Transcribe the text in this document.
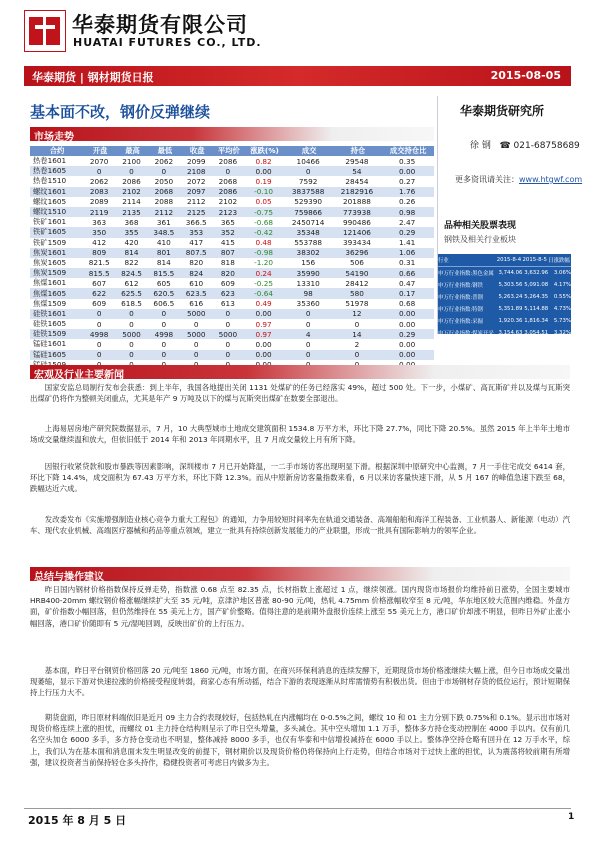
华泰期货有限公司
HUATAI FUTURES CO., LTD.
华泰期货 | 钢材期货日报	2015-08-05
基本面不改，钢价反弹继续	华泰期货研究所
市场走势
合约	开盘	最高	最低	收盘	平均价	涨跌(%)	成交	持仓	成交持仓比
热卷1601	2070	2100	2062	2099	2086	0.82	10466	29548	0.35
热卷1605	0	0	0	2108	0	0.00	0	54	0.00
热卷1510	2062	2086	2050	2072	2068	0.19	7592	28454	0.27
螺纹1601	2083	2102	2068	2097	2086	-0.10	3837588	2182916	1.76
螺纹1605	2089	2114	2088	2112	2102	0.05	529390	201888	0.26
螺纹1510	2119	2135	2112	2125	2123	-0.75	759866	773938	0.98
铁矿1601	363	368	361	366.5	365	-0.68	2450714	990486	2.47
铁矿1605	350	355	348.5	353	352	-0.42	35348	121406	0.29
铁矿1509	412	420	410	417	415	0.48	553788	393434	1.41
焦炭1601	809	814	801	807.5	807	-0.98	38302	36296	1.06
焦炭1605	821.5	822	814	820	818	-1.20	156	506	0.31
焦炭1509	815.5	824.5	815.5	824	820	0.24	35990	54190	0.66
焦煤1601	607	612	605	610	609	-0.25	13310	28412	0.47
焦煤1605	622	625.5	620.5	623.5	623	-0.64	98	580	0.17
焦煤1509	609	618.5	606.5	616	613	0.49	35360	51978	0.68
硅铁1601	0	0	0	5000	0	0.00	0	12	0.00
硅铁1605	0	0	0	0	0	0.97	0	0	0.00
硅铁1509	4998	5000	4998	5000	5000	0.97	4	14	0.29
锰硅1601	0	0	0	0	0	0.00	0	2	0.00
锰硅1605	0	0	0	0	0	0.00	0	0	0.00

徐 钢 ☎ 021-68758689
更多资讯请关注：www.htgwf.com
品种相关股票表现
钢铁及相关行业板块
行业	2015-8-4	2015-8-5	日涨跌幅
申万行业指数:黑色金属	3,744.06	3,632.96	3.06%
申万行业指数:钢铁	5,303.56	5,091.08	4.17%
申万行业指数:普钢	5,263.24	5,264.35	0.55%
申万行业指数:特钢	5,351.89	5,114.88	4.73%
申万行业指数:采掘	1,920.36	1,816.34	5.73%
申万行业指数:煤炭开采	3,154.63	3,054.51	3.32%
宏观及行业主要新闻
国家安监总局制行发布会获悉：到上半年，我国各地提出关闭 1131 处煤矿的任务已经落实 49%，超过 500 处。下一步，小煤矿、高瓦斯矿并以及煤与瓦斯突出煤矿仍将作为整顿关闭重点，尤其是年产 9 万吨及以下的煤与瓦斯突出煤矿在数要全部退出。
上海易居房地产研究院数据显示，7 月，10 大典型城市土地成交建筑面积 1534.8 万平方米，环比下降 27.7%，同比下降 20.5%。虽然 2015 年上半年土地市场成交量继续温和放大，但依旧低于 2014 年和 2013 年同期水平，且 7 月成交量较上月有所下降。
因银行收紧贷款和股市暴跌等因素影响，深圳楼市 7 月已开始降温，一二手市场访客出现明显下滑。根据深圳中原研究中心监测，7 月一手住宅成交 6414 套，环比下降 14.4%，成交面积为 67.43 万平方米，环比下降 12.3%。而从中原新房访客量指数来看，6 月以来访客量快速下滑，从 5 月 167 的峰值急速下跌至 68，跌幅达近六成。
发改委发布《实施增强制造业核心竞争力重大工程包》的通知，力争用较短时间率先在轨道交通装备、高端船舶和海洋工程装备、工业机器人、新能源（电动）汽车、现代农业机械、高端医疗器械和药品等重点领域，建立一批具有持续创新发展能力的产业联盟，形成一批具有国际影响力的领军企业。
总结与操作建议
昨日国内钢材价格指数保持反弹走势，指数涨 0.68 点至 82.35 点，长材指数上涨超过 1 点，继续领涨。国内现货市场报价均维持前日涨势，全国主要城市 HRB400-20mm 螺纹钢价格涨幅继续扩大至 35 元/吨，京津沪地区普涨 80-90 元/吨，热轧 4.75mm 价格涨幅收窄至 8 元/吨，华东地区较大范围内维稳。外盘方面，矿价指数小幅回落，但仍然维持在 55 美元上方，国产矿价整略。值得注意的是前期外盘报价连续上涨至 55 美元上方，港口矿价却涨不明显，但昨日外矿止涨小幅回落，港口矿价随即有 5 元/湿吨回调，反映出矿价的上行压力。
基本面，昨日平台钢贸价格回落 20 元/吨至 1860 元/吨，市场方面，在商兴环保利消息的连续发酵下，近期现货市场价格涨继续大幅上涨，但今日市场成交量出现萎缩，显示下游对快速拉涨的价格接受程度转弱，商家心态有所动摇，结合下游的表现逐渐从时库需情势有积极出货。但由于市场钢材存货的低位运行，预计短期保持上行压力大不。
期货盘面，昨日原材料端依旧是近月 09 主力合约表现较好，包括热轧在内涨幅均在 0-0.5%之间，螺纹 10 和 01 主力分别下跌 0.75%和 0.1%。显示出市场对现货价格连续上涨的担忧，而螺纹 01 主力持仓结构则呈示了昨日空头增量，多头减仓。其中空头增加 1.1 万手，整体多方持仓变动控制在 4000 手以内。仅有前几名空头加仓 6000 多手，多方持仓变动也不明显，整体减持 8000 多手，也仅有华泰和中信增投减持在 6000 手以上。整体净空持仓略有回升在 12 万手水平，综上，我们认为在基本面和消息面未发生明显改变的前提下，钢材期价以及现货价格仍将保持向上行走势，但结合市场对于过快上涨的担忧，认为震荡将较前期有所增强，建议投资者当前保持轻仓多头持作，稳健投资者可考虑日内做多为主。
2015 年 8 月 5 日	1
